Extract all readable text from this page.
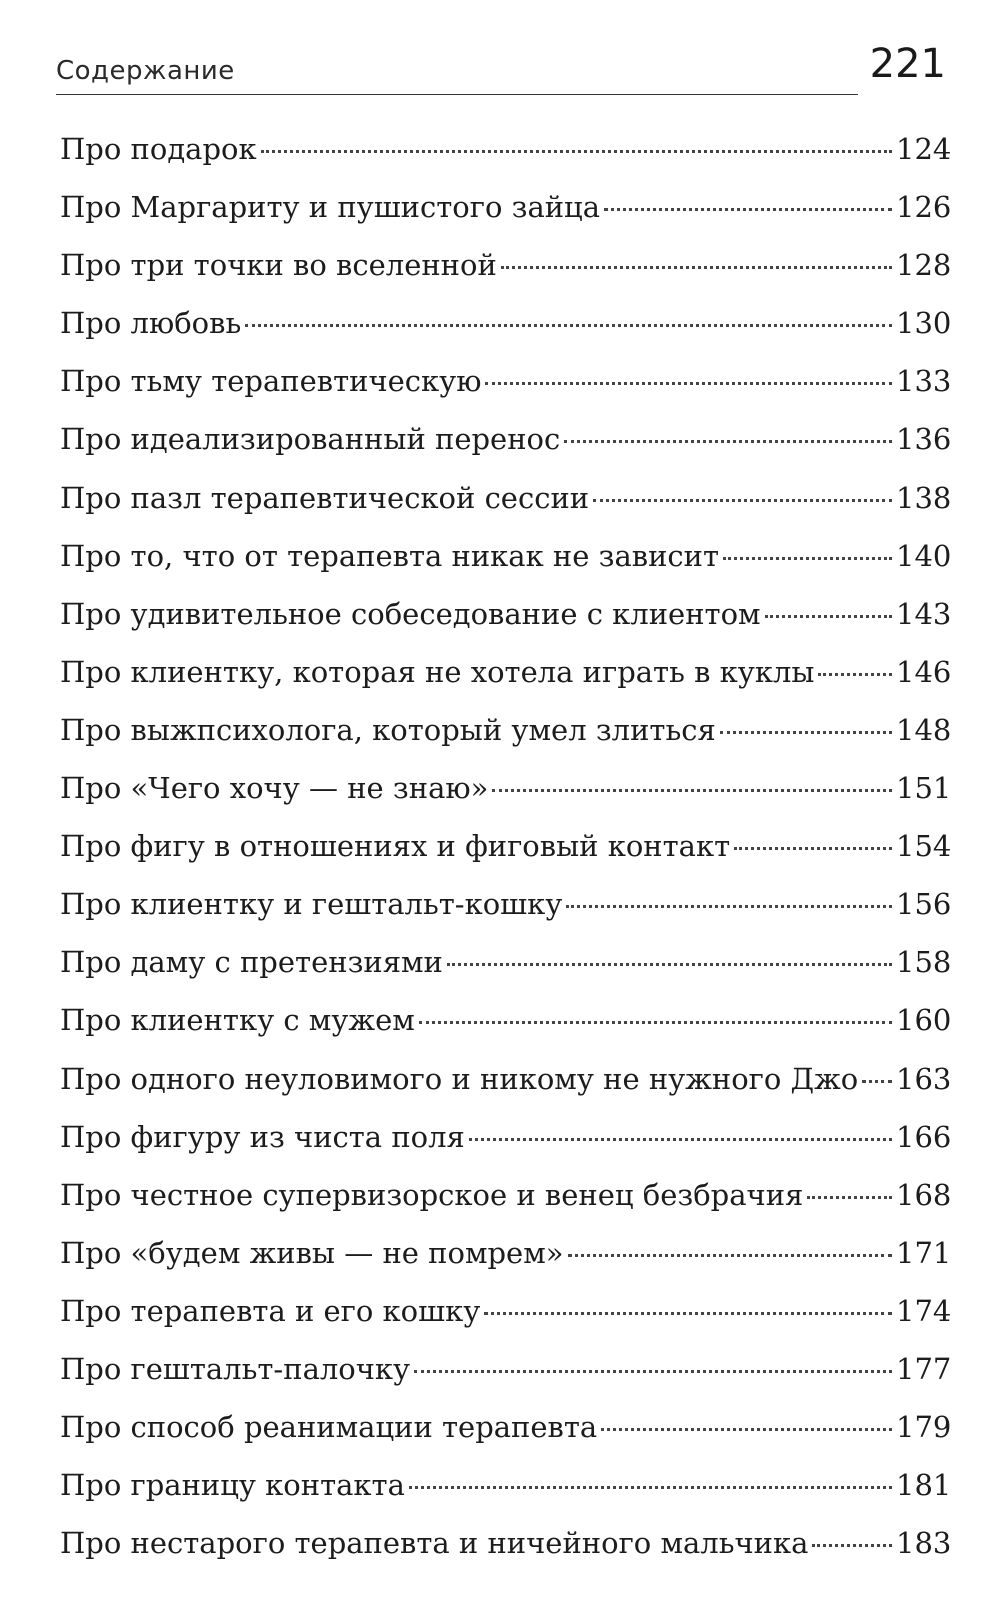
Содержание	221
Про подарок	124
Про Маргариту и пушистого зайца	126
Про три точки во вселенной	128
Про любовь	130
Про тьму терапевтическую	133
Про идеализированный перенос	136
Про пазл терапевтической сессии	138
Про то, что от терапевта никак не зависит	140
Про удивительное собеседование с клиентом	143
Про клиентку, которая не хотела играть в куклы	146
Про выжпсихолога, который умел злиться	148
Про «Чего хочу — не знаю»	151
Про фигу в отношениях и фиговый контакт	154
Про клиентку и гештальт-кошку	156
Про даму с претензиями	158
Про клиентку с мужем	160
Про одного неуловимого и никому не нужного Джо 163
Про фигуру из чиста поля	166
Про честное супервизорское и венец безбрачия	168
Про «будем живы — не помрем»	171
Про терапевта и его кошку	174
Про гештальт-палочку	177
Про способ реанимации терапевта	179
Про границу контакта	181
Про нестарого терапевта и ничейного мальчика	183
